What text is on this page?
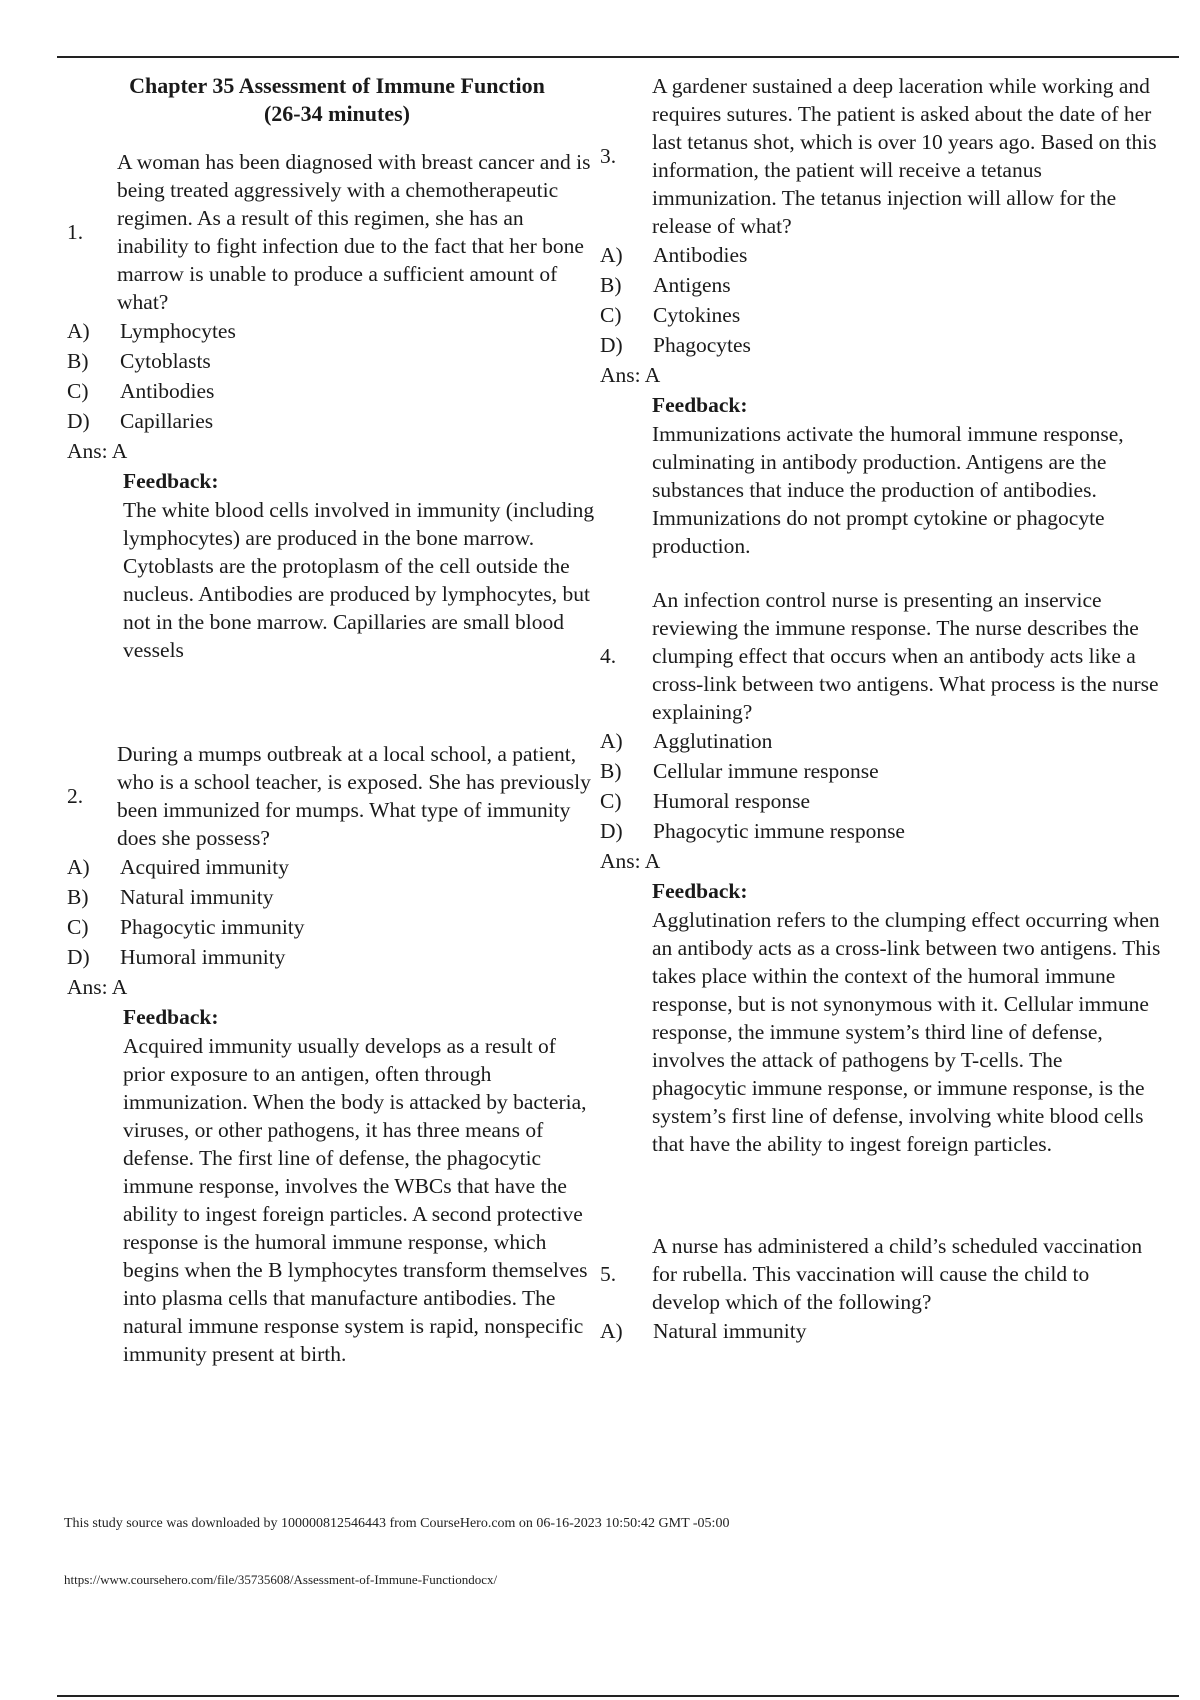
Chapter 35 Assessment of Immune Function
(26-34 minutes)
1.
A woman has been diagnosed with breast cancer and is being treated aggressively with a chemotherapeutic regimen. As a result of this regimen, she has an inability to fight infection due to the fact that her bone marrow is unable to produce a sufficient amount of what?
A)	Lymphocytes
B)	Cytoblasts
C)	Antibodies
D)	Capillaries
Ans: A
Feedback:
The white blood cells involved in immunity (including lymphocytes) are produced in the bone marrow. Cytoblasts are the protoplasm of the cell outside the nucleus. Antibodies are produced by lymphocytes, but not in the bone marrow. Capillaries are small blood vessels
2.
During a mumps outbreak at a local school, a patient, who is a school teacher, is exposed. She has previously been immunized for mumps. What type of immunity does she possess?
A)	Acquired immunity
B)	Natural immunity
C)	Phagocytic immunity
D)	Humoral immunity
Ans: A
Feedback:
Acquired immunity usually develops as a result of prior exposure to an antigen, often through immunization. When the body is attacked by bacteria, viruses, or other pathogens, it has three means of defense. The first line of defense, the phagocytic immune response, involves the WBCs that have the ability to ingest foreign particles. A second protective response is the humoral immune response, which begins when the B lymphocytes transform themselves into plasma cells that manufacture antibodies. The natural immune response system is rapid, nonspecific immunity present at birth.
3.
A gardener sustained a deep laceration while working and requires sutures. The patient is asked about the date of her last tetanus shot, which is over 10 years ago. Based on this information, the patient will receive a tetanus immunization. The tetanus injection will allow for the release of what?
A)	Antibodies
B)	Antigens
C)	Cytokines
D)	Phagocytes
Ans: A
Feedback:
Immunizations activate the humoral immune response, culminating in antibody production. Antigens are the substances that induce the production of antibodies. Immunizations do not prompt cytokine or phagocyte production.
4.
An infection control nurse is presenting an inservice reviewing the immune response. The nurse describes the clumping effect that occurs when an antibody acts like a cross-link between two antigens. What process is the nurse explaining?
A)	Agglutination
B)	Cellular immune response
C)	Humoral response
D)	Phagocytic immune response
Ans: A
Feedback:
Agglutination refers to the clumping effect occurring when an antibody acts as a cross-link between two antigens. This takes place within the context of the humoral immune response, but is not synonymous with it. Cellular immune response, the immune system’s third line of defense, involves the attack of pathogens by T-cells. The phagocytic immune response, or immune response, is the system’s first line of defense, involving white blood cells that have the ability to ingest foreign particles.
5.
A nurse has administered a child’s scheduled vaccination for rubella. This vaccination will cause the child to develop which of the following?
A)	Natural immunity
This study source was downloaded by 100000812546443 from CourseHero.com on 06-16-2023 10:50:42 GMT -05:00
https://www.coursehero.com/file/35735608/Assessment-of-Immune-Functiondocx/
